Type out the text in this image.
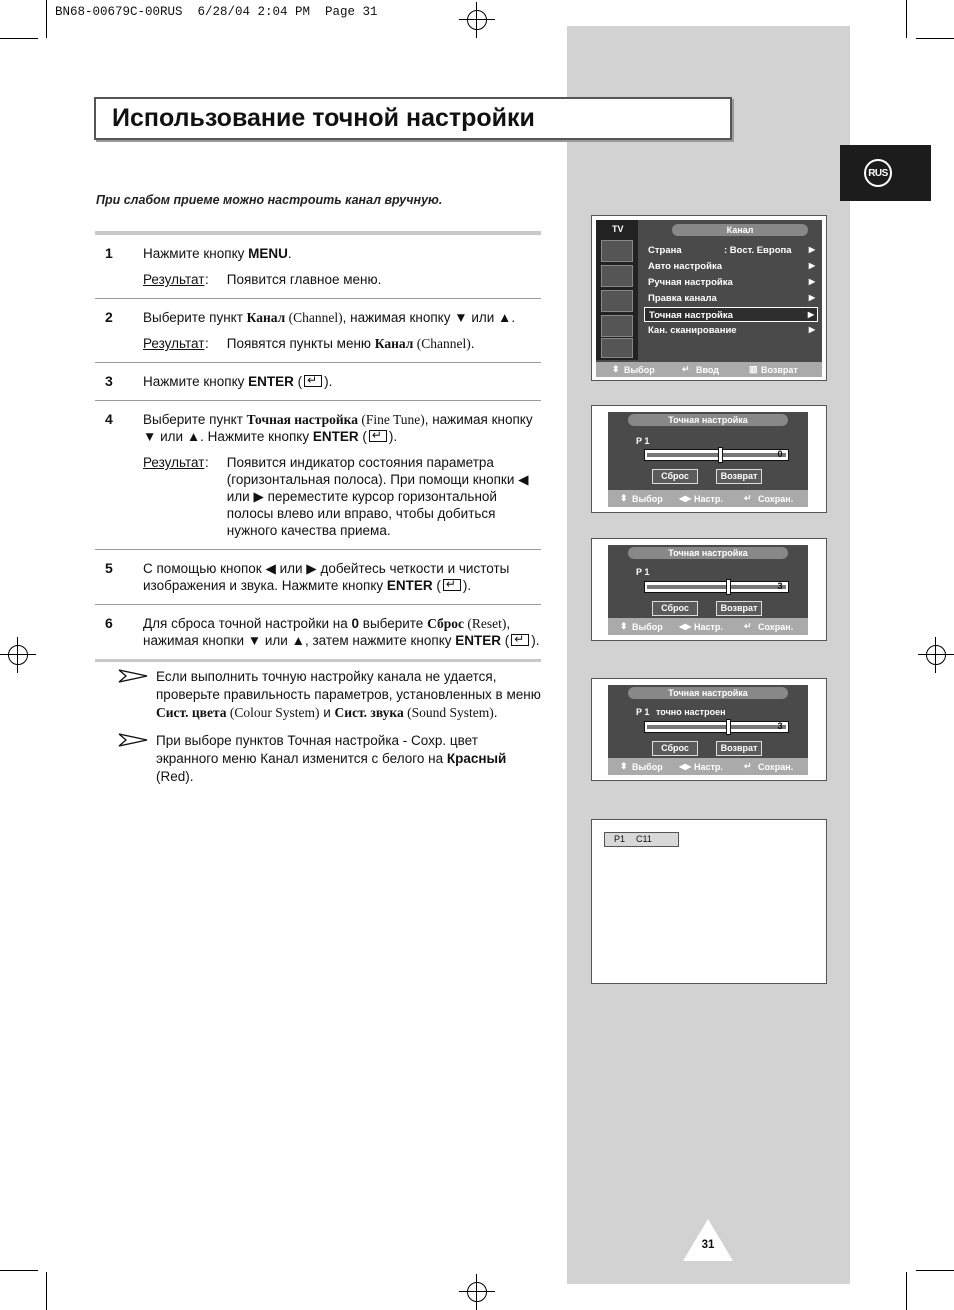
BN68-00679C-00RUS  6/28/04 2:04 PM  Page 31
RUS
Использование точной настройки
При слабом приеме можно настроить канал вручную.
1 Нажмите кнопку MENU.
Результат : Появится главное меню.
2 Выберите пункт Канал (Channel), нажимая кнопку ▼ или ▲.
Результат : Появятся пункты меню Канал (Channel).
3 Нажмите кнопку ENTER ( ↵ ).
4 Выберите пункт Точная настройка (Fine Tune), нажимая кнопку ▼ или ▲. Нажмите кнопку ENTER ( ↵ ).
Результат : Появится индикатор состояния параметра (горизонтальная полоса). При помощи кнопки ◀ или ▶ переместите курсор горизонтальной полосы влево или вправо, чтобы добиться нужного качества приема.
5 С помощью кнопок ◀ или ▶ добейтесь четкости и чистоты изображения и звука. Нажмите кнопку ENTER ( ↵ ).
6 Для сброса точной настройки на 0 выберите Сброс (Reset), нажимая кнопки ▼ или ▲, затем нажмите кнопку ENTER (↵ ).
Если выполнить точную настройку канала не удается, проверьте правильность параметров, установленных в меню Сист. цвета (Colour System) и Сист. звука (Sound System).
При выборе пунктов Точная настройка - Сохр. цвет экранного меню Канал изменится с белого на Красный (Red).
TV	Канал
Страна	: Вост. Европа ▶
Авто настройка	▶
Ручная настройка	▶
Правка канала	▶
Точная настройка	▶
Кан. сканирование	▶
⬍ Выбор	↵ Ввод	▥ Возврат
Точная настройка
P 1
0
Сброс	Возврат
⬍ Выбор ◀▶ Настр. ↵ Сохран.
Точная настройка
P 1
3
Сброс	Возврат
⬍ Выбор ◀▶ Настр. ↵ Сохран.
Точная настройка
P 1 точно настроен
3
Сброс	Возврат
⬍ Выбор ◀▶ Настр. ↵ Сохран.
P1 C11
31
